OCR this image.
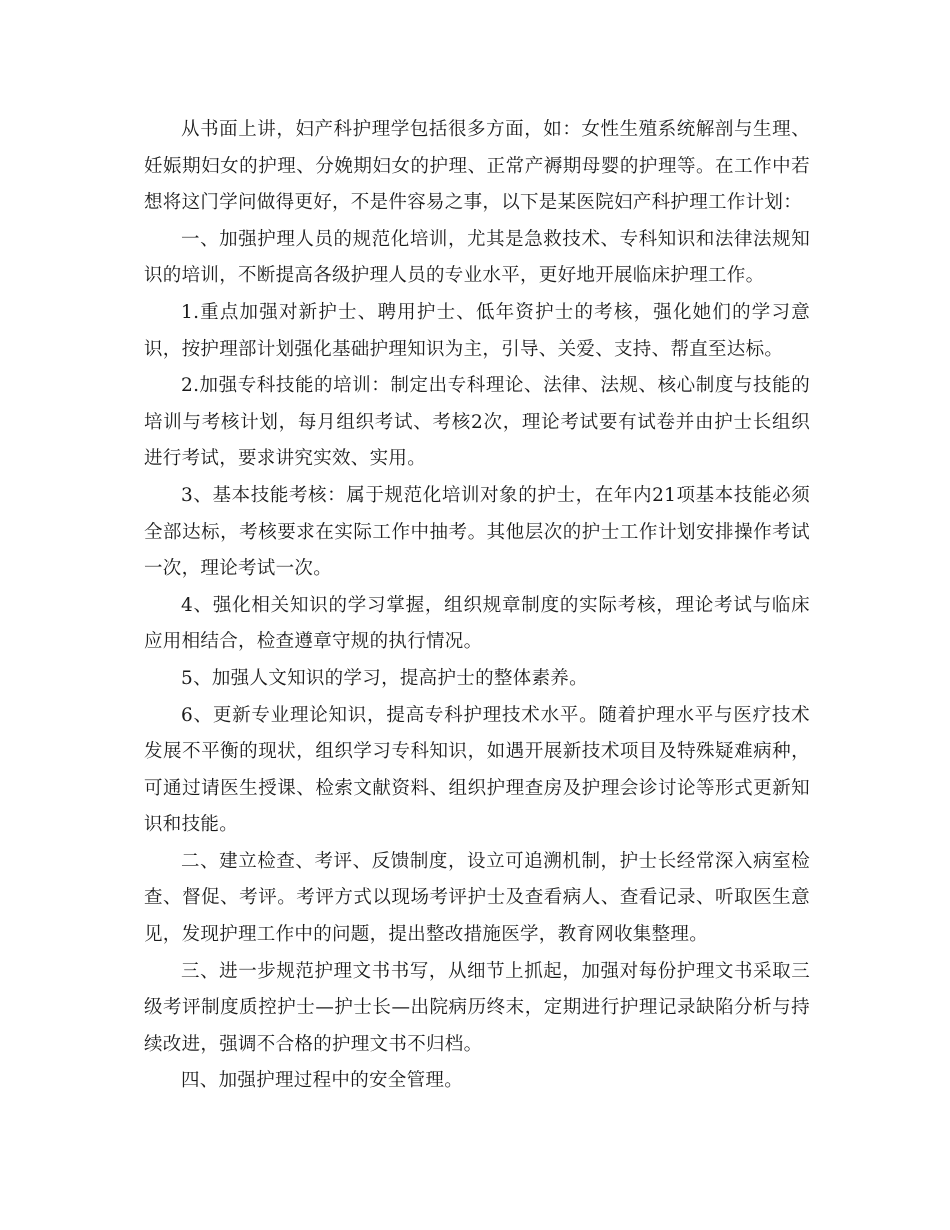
从书面上讲，妇产科护理学包括很多方面，如：女性生殖系统解剖与生理、妊娠期妇女的护理、分娩期妇女的护理、正常产褥期母婴的护理等。在工作中若想将这门学问做得更好，不是件容易之事，以下是某医院妇产科护理工作计划：

一、加强护理人员的规范化培训，尤其是急救技术、专科知识和法律法规知识的培训，不断提高各级护理人员的专业水平，更好地开展临床护理工作。

1.重点加强对新护士、聘用护士、低年资护士的考核，强化她们的学习意识，按护理部计划强化基础护理知识为主，引导、关爱、支持、帮直至达标。

2.加强专科技能的培训：制定出专科理论、法律、法规、核心制度与技能的培训与考核计划，每月组织考试、考核2次，理论考试要有试卷并由护士长组织进行考试，要求讲究实效、实用。

3、基本技能考核：属于规范化培训对象的护士，在年内21项基本技能必须全部达标，考核要求在实际工作中抽考。其他层次的护士工作计划安排操作考试一次，理论考试一次。

4、强化相关知识的学习掌握，组织规章制度的实际考核，理论考试与临床应用相结合，检查遵章守规的执行情况。

5、加强人文知识的学习，提高护士的整体素养。

6、更新专业理论知识，提高专科护理技术水平。随着护理水平与医疗技术发展不平衡的现状，组织学习专科知识，如遇开展新技术项目及特殊疑难病种，可通过请医生授课、检索文献资料、组织护理查房及护理会诊讨论等形式更新知识和技能。

二、建立检查、考评、反馈制度，设立可追溯机制，护士长经常深入病室检查、督促、考评。考评方式以现场考评护士及查看病人、查看记录、听取医生意见，发现护理工作中的问题，提出整改措施医学，教育网收集整理。

三、进一步规范护理文书书写，从细节上抓起，加强对每份护理文书采取三级考评制度质控护士—护士长—出院病历终末，定期进行护理记录缺陷分析与持续改进，强调不合格的护理文书不归档。

四、加强护理过程中的安全管理。
